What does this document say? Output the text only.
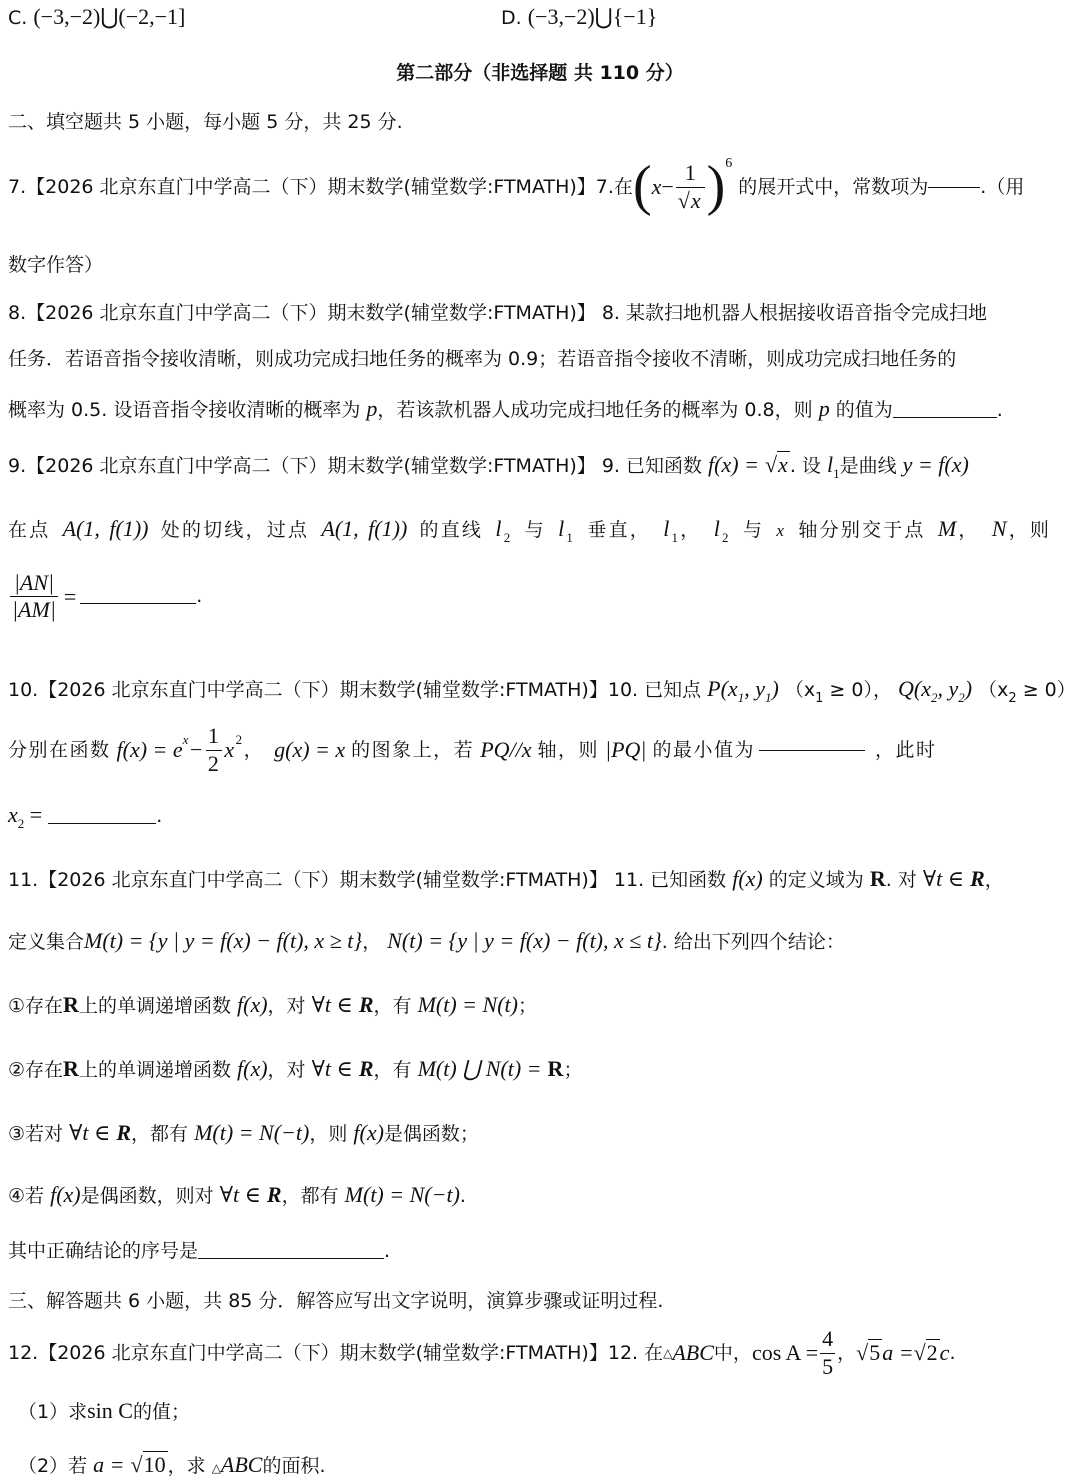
C. (−3,−2)⋃(−2,−1]	D. (−3,−2)⋃{−1}
第二部分（非选择题 共 110 分）
二、填空题共 5 小题，每小题 5 分，共 25 分.
7. 【2026 北京东直门中学高二（下）期末数学(辅堂数学:FTMATH)】 7. 在 ( $x - \frac{1}{√x}$ ) 6
的展开式中，常数项为	.（用
数字作答）
8.【2026 北京东直门中学高二（下）期末数学(辅堂数学:FTMATH)】 8. 某款扫地机器人根据接收语音指令完成扫地
任务．若语音指令接收清晰，则成功完成扫地任务的概率为 0.9；若语音指令接收不清晰，则成功完成扫地任务的
概率为 0.5. 设语音指令接收清晰的概率为 p，若该款机器人成功完成扫地任务的概率为 0.8，则 p 的值为	.
9.【2026 北京东直门中学高二（下）期末数学(辅堂数学:FTMATH)】 9. 已知函数 f(x) = √x . 设 $l_1$是曲线 y = f(x)
在点 A(1, f(1)) 处的切线，过点 A(1, f(1)) 的直线 $l_2$ 与 $l_1$ 垂直， $l_1$， $l_2$ 与 x 轴分别交于点 M， N，则
$\frac{|AN|}{|AM|}$ =	.
10.【2026 北京东直门中学高二（下）期末数学(辅堂数学:FTMATH)】10. 已知点 $P(x_1$, $y_1$) $(x_1 \ge 0)$， $Q(x_2$, $y_2$) $(x_2 \ge 0)$
分别在函数 f(x) = e $x - \frac{1}{2}$ x 2 ， g(x) = x 的图象上，若 PQ//x 轴，则 |PQ| 的最小值为	，此时
$x_2$ =	.
11.【2026 北京东直门中学高二（下）期末数学(辅堂数学:FTMATH)】 11. 已知函数 f(x) 的定义域为 R. 对 ∀t ∈ R，
定义集合M(t) = {y | y = f(x) − f(t), x ≥ t}， N(t) = {y | y = f(x) − f(t), x ≤ t}. 给出下列四个结论：
①存在R上的单调递增函数 f(x)，对 ∀t ∈ R，有 M(t) = N(t)；
②存在R上的单调递增函数 f(x)，对 ∀t ∈ R，有 M(t) ⋃ N(t) = R；
③若对 ∀t ∈ R，都有 M(t) = N(−t)，则 f(x)是偶函数；
④若 f(x)是偶函数，则对 ∀t ∈ R，都有 M(t) = N(−t).
其中正确结论的序号是	.
三、解答题共 6 小题，共 85 分．解答应写出文字说明，演算步骤或证明过程.
12. 【2026 北京东直门中学高二（下）期末数学(辅堂数学:FTMATH)】 12. 在 △ ABC 中， $\cos A = \frac{4}{5}$ ， √5 a = √2 c .
（1）求sin C的值；
（2）若 a = √10 ，求 △ABC的面积.
